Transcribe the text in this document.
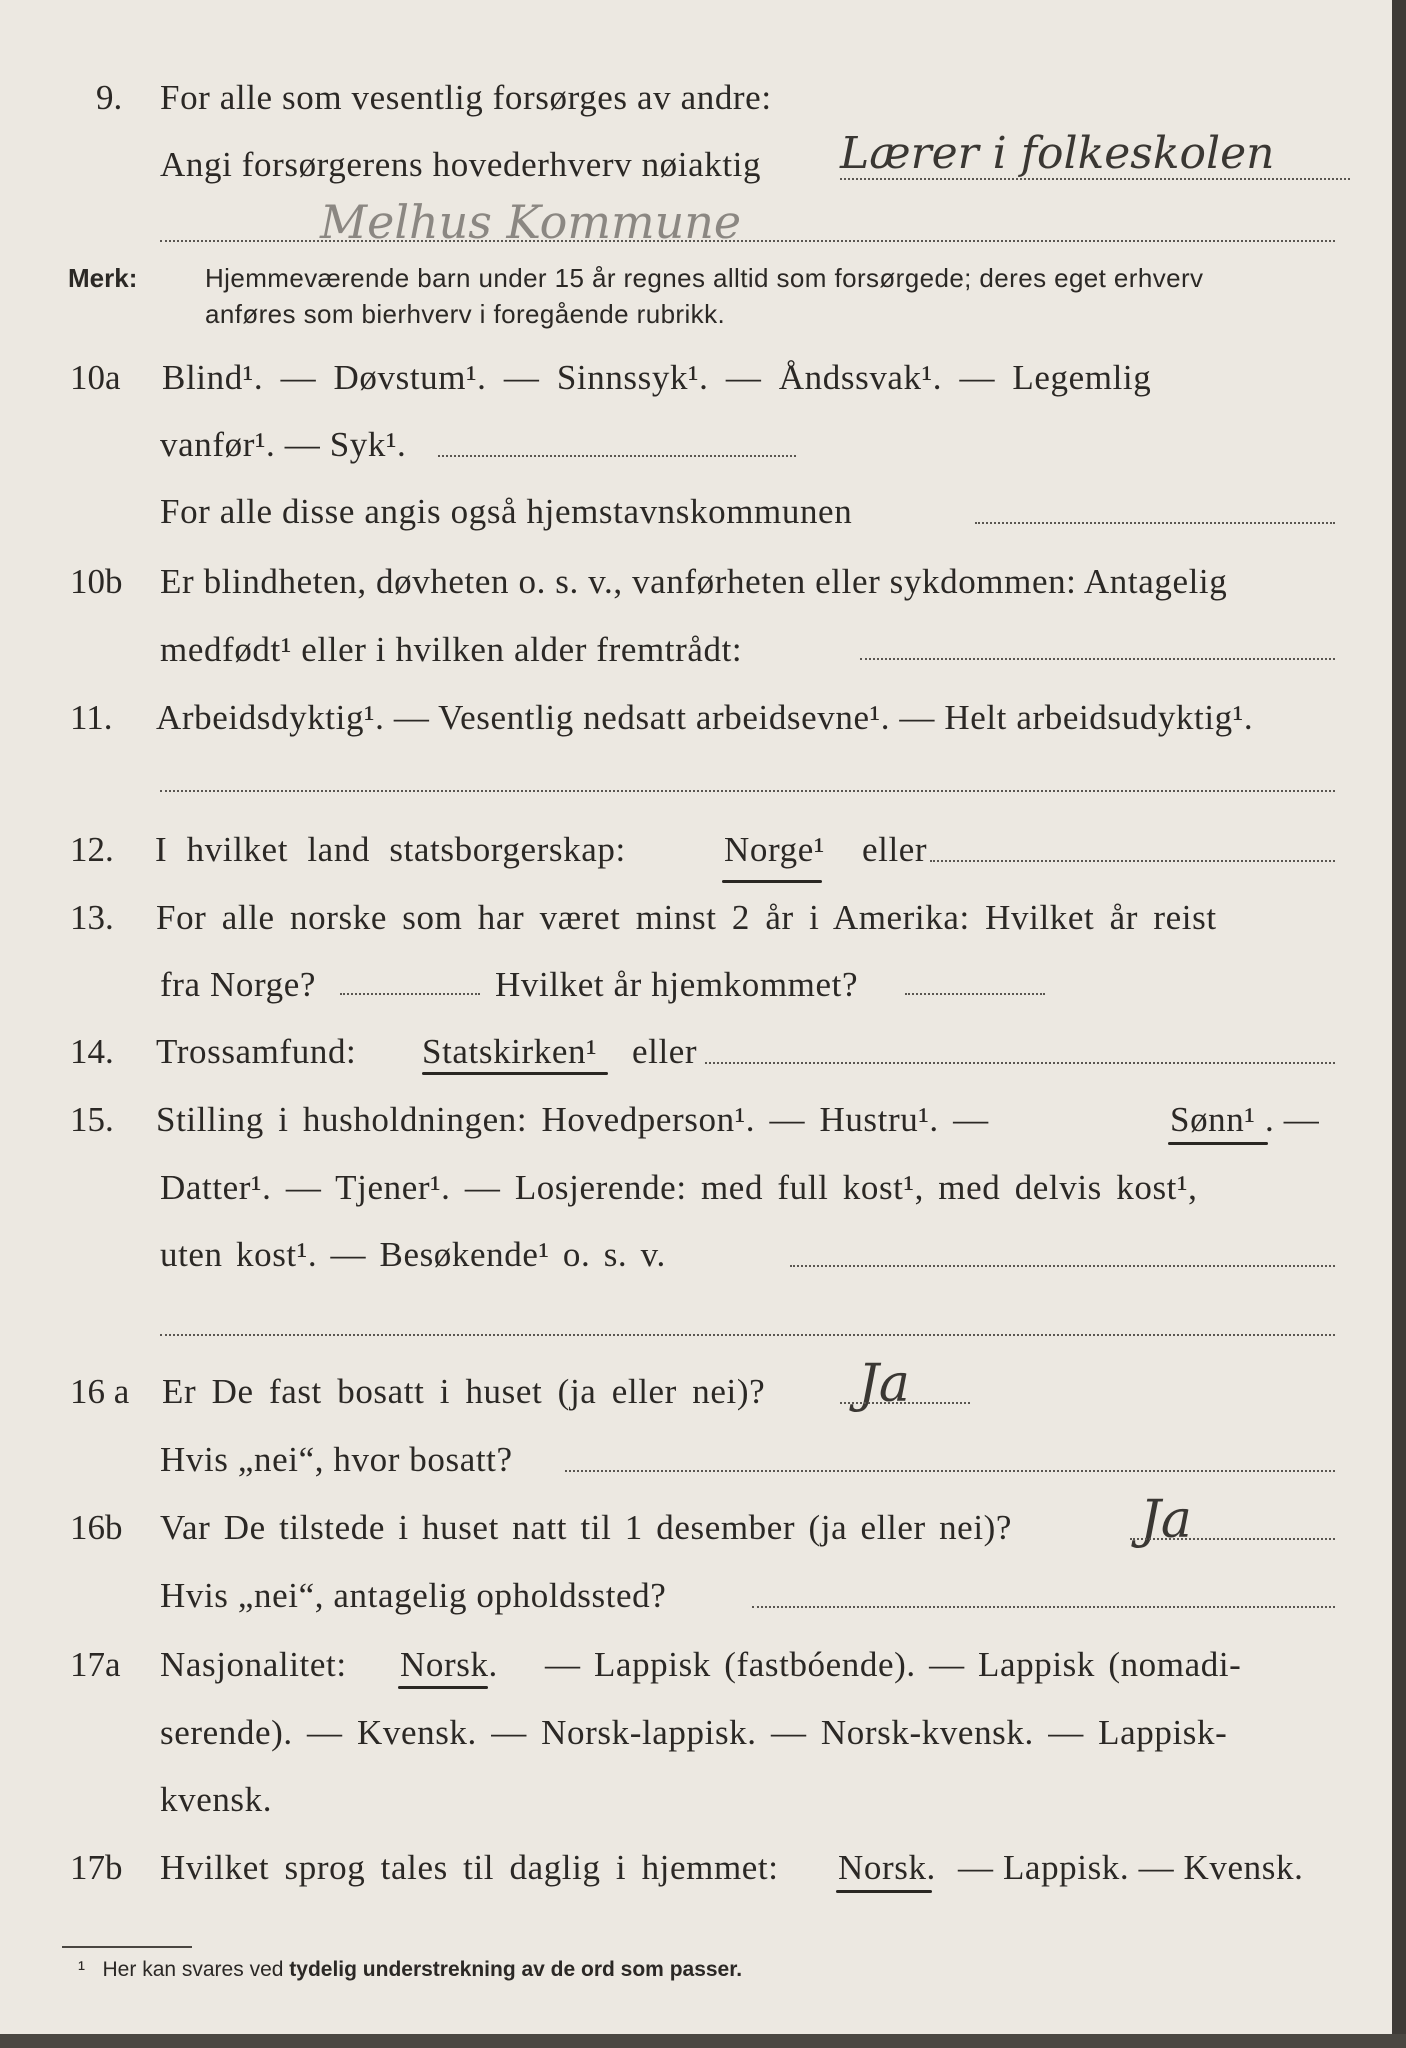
9. For alle som vesentlig forsørges av andre:
Angi forsørgerens hovederhverv nøiaktig Lærer i folkeskolen
Melhus Kommune
Merk:	Hjemmeværende barn under 15 år regnes alltid som forsørgede; deres eget erhverv
anføres som bierhverv i foregående rubrikk.
10a Blind¹. — Døvstum¹. — Sinnssyk¹. — Åndssvak¹. — Legemlig
vanfør¹. — Syk¹.
For alle disse angis også hjemstavnskommunen
10b Er blindheten, døvheten o. s. v., vanførheten eller sykdommen: Antagelig
medfødt¹ eller i hvilken alder fremtrådt:
11. Arbeidsdyktig¹. — Vesentlig nedsatt arbeidsevne¹. — Helt arbeidsudyktig¹.
12. I hvilket land statsborgerskap:	Norge¹ eller
13. For alle norske som har været minst 2 år i Amerika: Hvilket år reist
fra Norge?	Hvilket år hjemkommet?
14. Trossamfund: Statskirken¹ eller
15. Stilling i husholdningen: Hovedperson¹. — Hustru¹. —	Sønn¹ . —
Datter¹. — Tjener¹. — Losjerende: med full kost¹, med delvis kost¹,
uten kost¹. — Besøkende¹ o. s. v.
16 a Er De fast bosatt i huset (ja eller nei)? Ja
Hvis „nei“, hvor bosatt?
16b Var De tilstede i huset natt til 1 desember (ja eller nei)? Ja
Hvis „nei“, antagelig opholdssted?
17a Nasjonalitet: Norsk. — Lappisk (fastbóende). — Lappisk (nomadi-
serende). — Kvensk. — Norsk-lappisk. — Norsk-kvensk. — Lappisk-
kvensk.
17b Hvilket sprog tales til daglig i hjemmet: Norsk. — Lappisk. — Kvensk.
¹ Her kan svares ved tydelig understrekning av de ord som passer.
